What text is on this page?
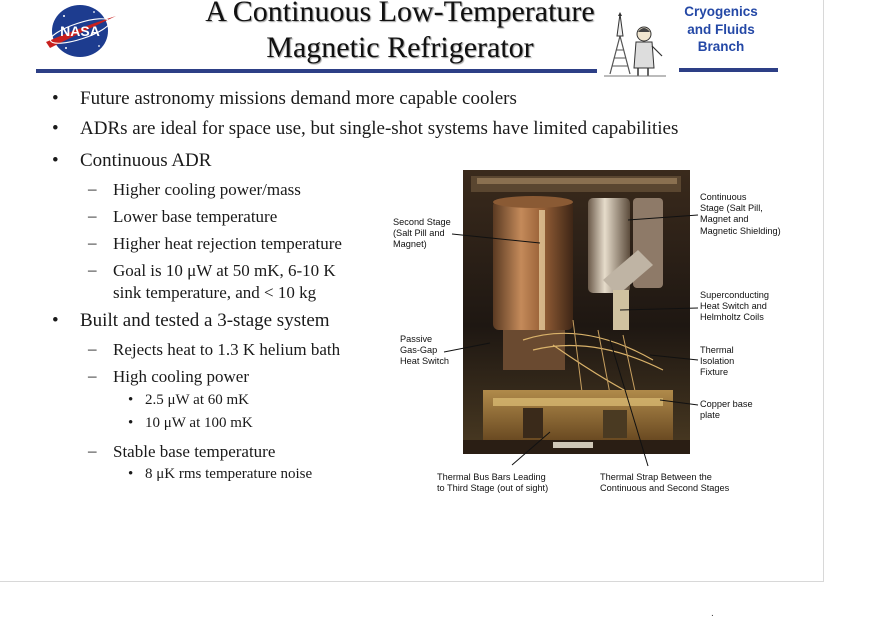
NASA
A Continuous Low-Temperature
Magnetic Refrigerator
Cryogenics
and Fluids
Branch
• Future astronomy missions demand more capable coolers
• ADRs are ideal for space use, but single-shot systems have limited capabilities
• Continuous ADR
– Higher cooling power/mass
– Lower base temperature
– Higher heat rejection temperature
– Goal is 10 μW at 50 mK, 6-10 K
sink temperature, and < 10 kg
• Built and tested a 3-stage system
– Rejects heat to 1.3 K helium bath
– High cooling power
• 2.5 μW at 60 mK
• 10 μW at 100 mK
– Stable base temperature
• 8 μK rms temperature noise
Second Stage
(Salt Pill and
Magnet)
Continuous
Stage (Salt Pill,
Magnet and
Magnetic Shielding)
Superconducting
Heat Switch and
Helmholtz Coils
Passive
Gas-Gap
Heat Switch
Thermal
Isolation
Fixture
Copper base
plate
Thermal Bus Bars Leading
to Third Stage (out of sight)
Thermal Strap Between the
Continuous and Second Stages
.
